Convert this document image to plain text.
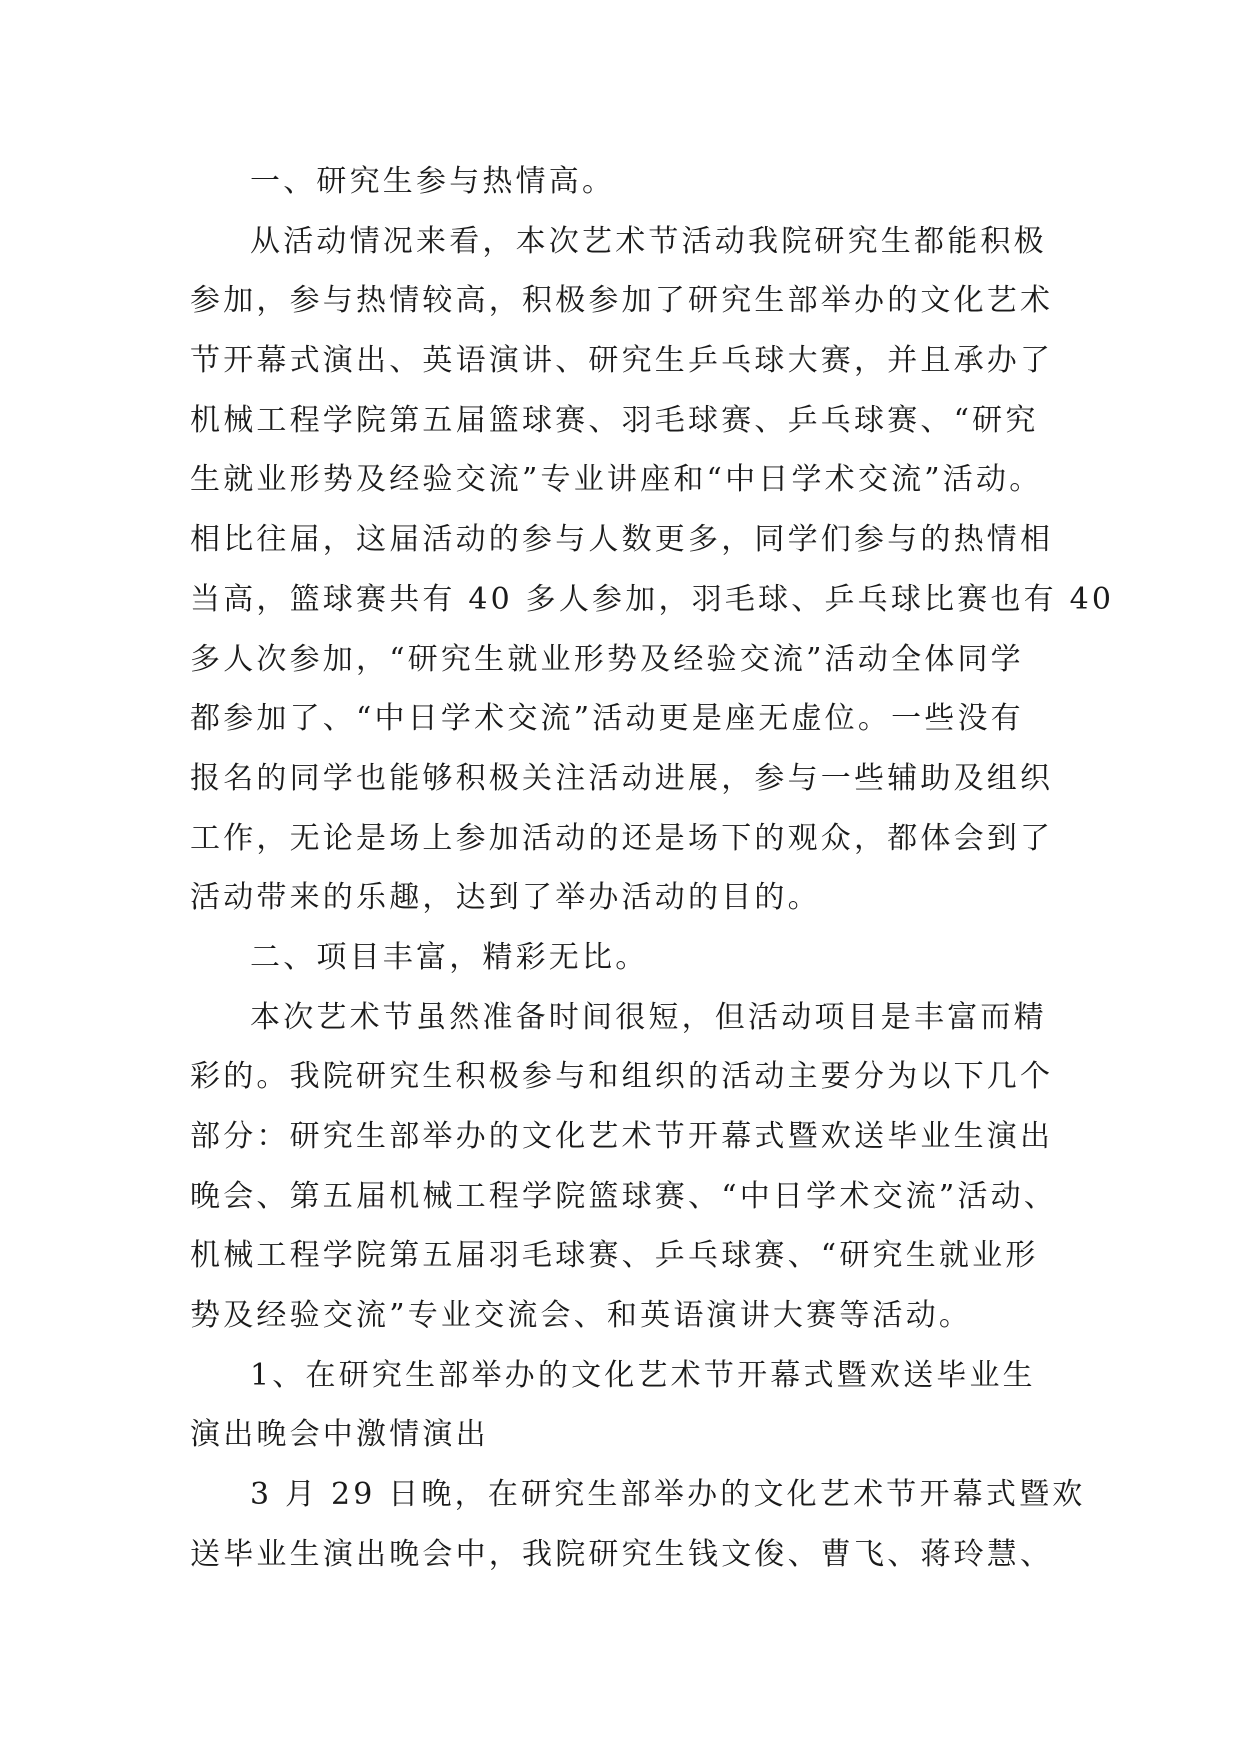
一、研究生参与热情高。
从活动情况来看，本次艺术节活动我院研究生都能积极
参加，参与热情较高，积极参加了研究生部举办的文化艺术
节开幕式演出、英语演讲、研究生乒乓球大赛，并且承办了
机械工程学院第五届篮球赛、羽毛球赛、乒乓球赛、“研究
生就业形势及经验交流”专业讲座和“中日学术交流”活动。
相比往届，这届活动的参与人数更多，同学们参与的热情相
当高，篮球赛共有 40 多人参加，羽毛球、乒乓球比赛也有 40
多人次参加，“研究生就业形势及经验交流”活动全体同学
都参加了、“中日学术交流”活动更是座无虚位。一些没有
报名的同学也能够积极关注活动进展，参与一些辅助及组织
工作，无论是场上参加活动的还是场下的观众，都体会到了
活动带来的乐趣，达到了举办活动的目的。
二、项目丰富，精彩无比。
本次艺术节虽然准备时间很短，但活动项目是丰富而精
彩的。我院研究生积极参与和组织的活动主要分为以下几个
部分：研究生部举办的文化艺术节开幕式暨欢送毕业生演出
晚会、第五届机械工程学院篮球赛、“中日学术交流”活动、
机械工程学院第五届羽毛球赛、乒乓球赛、“研究生就业形
势及经验交流”专业交流会、和英语演讲大赛等活动。
1、在研究生部举办的文化艺术节开幕式暨欢送毕业生
演出晚会中激情演出
3 月 29 日晚，在研究生部举办的文化艺术节开幕式暨欢
送毕业生演出晚会中，我院研究生钱文俊、曹飞、蒋玲慧、
